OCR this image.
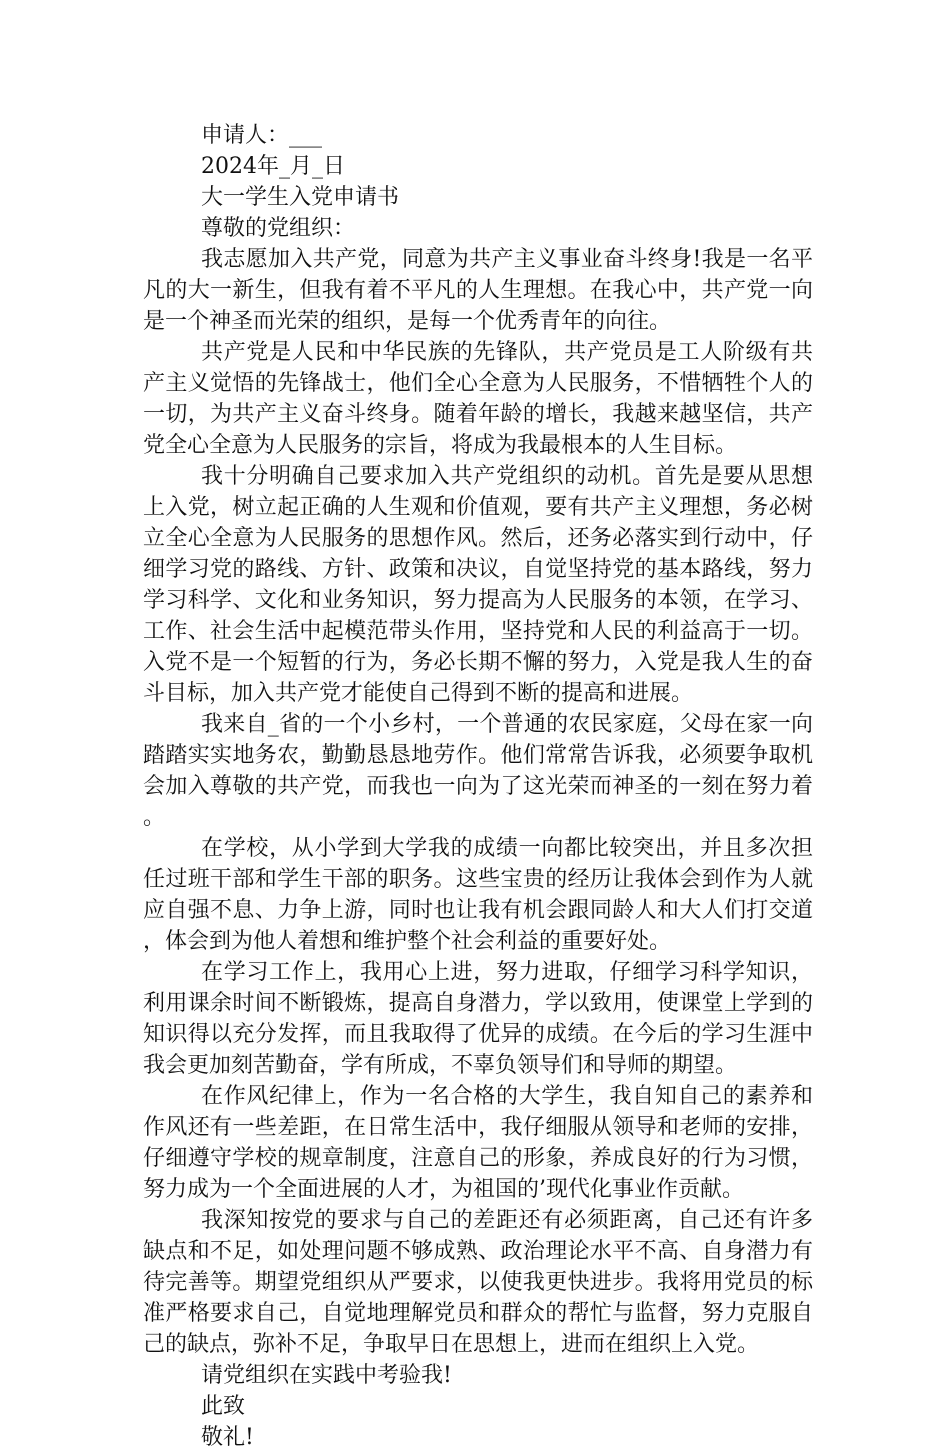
申请人：___

2024年_月_日

大一学生入党申请书

尊敬的党组织：

我志愿加入共产党，同意为共产主义事业奋斗终身!我是一名平凡的大一新生，但我有着不平凡的人生理想。在我心中，共产党一向是一个神圣而光荣的组织，是每一个优秀青年的向往。

共产党是人民和中华民族的先锋队，共产党员是工人阶级有共产主义觉悟的先锋战士，他们全心全意为人民服务，不惜牺牲个人的一切，为共产主义奋斗终身。随着年龄的增长，我越来越坚信，共产党全心全意为人民服务的宗旨，将成为我最根本的人生目标。

我十分明确自己要求加入共产党组织的动机。首先是要从思想上入党，树立起正确的人生观和价值观，要有共产主义理想，务必树立全心全意为人民服务的思想作风。然后，还务必落实到行动中，仔细学习党的路线、方针、政策和决议，自觉坚持党的基本路线，努力学习科学、文化和业务知识，努力提高为人民服务的本领，在学习、工作、社会生活中起模范带头作用，坚持党和人民的利益高于一切。入党不是一个短暂的行为，务必长期不懈的努力，入党是我人生的奋斗目标，加入共产党才能使自己得到不断的提高和进展。

我来自_省的一个小乡村，一个普通的农民家庭，父母在家一向踏踏实实地务农，勤勤恳恳地劳作。他们常常告诉我，必须要争取机会加入尊敬的共产党，而我也一向为了这光荣而神圣的一刻在努力着。

在学校，从小学到大学我的成绩一向都比较突出，并且多次担任过班干部和学生干部的职务。这些宝贵的经历让我体会到作为人就应自强不息、力争上游，同时也让我有机会跟同龄人和大人们打交道，体会到为他人着想和维护整个社会利益的重要好处。

在学习工作上，我用心上进，努力进取，仔细学习科学知识，利用课余时间不断锻炼，提高自身潜力，学以致用，使课堂上学到的知识得以充分发挥，而且我取得了优异的成绩。在今后的学习生涯中我会更加刻苦勤奋，学有所成，不辜负领导们和导师的期望。

在作风纪律上，作为一名合格的大学生，我自知自己的素养和作风还有一些差距，在日常生活中，我仔细服从领导和老师的安排，仔细遵守学校的规章制度，注意自己的形象，养成良好的行为习惯，努力成为一个全面进展的人才，为祖国的’现代化事业作贡献。

我深知按党的要求与自己的差距还有必须距离，自己还有许多缺点和不足，如处理问题不够成熟、政治理论水平不高、自身潜力有待完善等。期望党组织从严要求，以使我更快进步。我将用党员的标准严格要求自己，自觉地理解党员和群众的帮忙与监督，努力克服自己的缺点，弥补不足，争取早日在思想上，进而在组织上入党。

请党组织在实践中考验我!

此致

敬礼!
